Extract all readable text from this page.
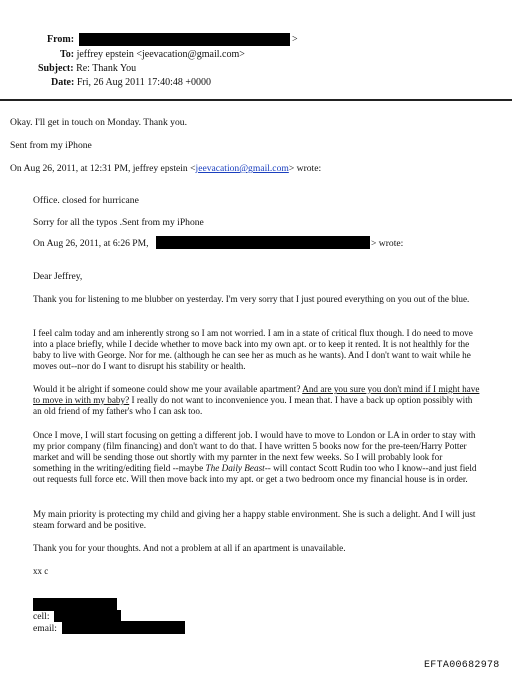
From:	>
To: jeffrey epstein <jeevacation@gmail.com>
Subject: Re: Thank You
Date: Fri, 26 Aug 2011 17:40:48 +0000
Okay. I'll get in touch on Monday. Thank you.
Sent from my iPhone
On Aug 26, 2011, at 12:31 PM, jeffrey epstein <jeevacation@gmail.com> wrote:
Office. closed for hurricane
Sorry for all the typos .Sent from my iPhone
On Aug 26, 2011, at 6:26 PM,	> wrote:
Dear Jeffrey,
Thank you for listening to me blubber on yesterday. I'm very sorry that I just poured everything on you out of the blue.
I feel calm today and am inherently strong so I am not worried. I am in a state of critical flux though. I do need to move into a place briefly, while I decide whether to move back into my own apt. or to keep it rented. It is not healthly for the baby to live with George. Nor for me. (although he can see her as much as he wants). And I don't want to wait while he moves out--nor do I want to disrupt his stability or health.
Would it be alright if someone could show me your available apartment? And are you sure you don't mind if I might have to move in with my baby? I really do not want to inconvenience you. I mean that. I have a back up option possibly with an old friend of my father's who I can ask too.
Once I move, I will start focusing on getting a different job. I would have to move to London or LA in order to stay with my prior company (film financing) and don't want to do that. I have written 5 books now for the pre-teen/Harry Potter market and will be sending those out shortly with my parnter in the next few weeks. So I will probably look for something in the writing/editing field --maybe The Daily Beast-- will contact Scott Rudin too who I know--and just field out requests full force etc. Will then move back into my apt. or get a two bedroom once my financial house is in order.
My main priority is protecting my child and giving her a happy stable environment. She is such a delight. And I will just steam forward and be positive.
Thank you for your thoughts. And not a problem at all if an apartment is unavailable.
xx c
cell:
email:
EFTA00682978
